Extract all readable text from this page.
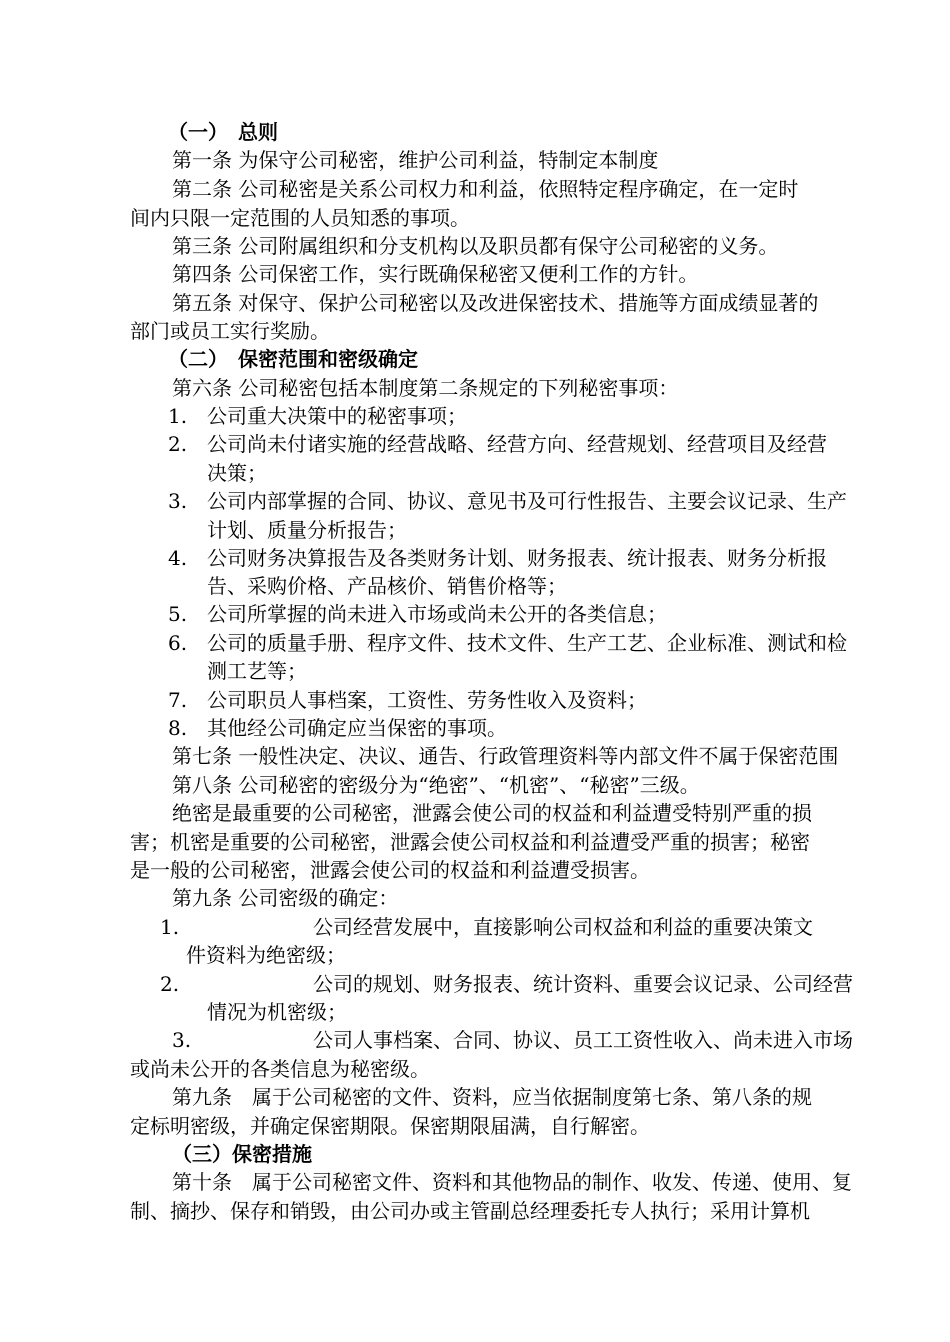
（一）　总则
第一条 为保守公司秘密，维护公司利益，特制定本制度
第二条 公司秘密是关系公司权力和利益，依照特定程序确定，在一定时
间内只限一定范围的人员知悉的事项。
第三条 公司附属组织和分支机构以及职员都有保守公司秘密的义务。
第四条 公司保密工作，实行既确保秘密又便利工作的方针。
第五条 对保守、保护公司秘密以及改进保密技术、措施等方面成绩显著的
部门或员工实行奖励。
（二）　保密范围和密级确定
第六条 公司秘密包括本制度第二条规定的下列秘密事项：
1. 公司重大决策中的秘密事项；
2. 公司尚未付诸实施的经营战略、经营方向、经营规划、经营项目及经营
决策；
3. 公司内部掌握的合同、协议、意见书及可行性报告、主要会议记录、生产
计划、质量分析报告；
4. 公司财务决算报告及各类财务计划、财务报表、统计报表、财务分析报
告、采购价格、产品核价、销售价格等；
5. 公司所掌握的尚未进入市场或尚未公开的各类信息；
6. 公司的质量手册、程序文件、技术文件、生产工艺、企业标准、测试和检
测工艺等；
7. 公司职员人事档案，工资性、劳务性收入及资料；
8. 其他经公司确定应当保密的事项。
第七条 一般性决定、决议、通告、行政管理资料等内部文件不属于保密范围
第八条 公司秘密的密级分为“绝密”、“机密”、“秘密”三级。
绝密是最重要的公司秘密，泄露会使公司的权益和利益遭受特别严重的损
害；机密是重要的公司秘密，泄露会使公司权益和利益遭受严重的损害；秘密
是一般的公司秘密，泄露会使公司的权益和利益遭受损害。
第九条 公司密级的确定：
1.	公司经营发展中，直接影响公司权益和利益的重要决策文
件资料为绝密级；
2.	公司的规划、财务报表、统计资料、重要会议记录、公司经营
情况为机密级；
3.	公司人事档案、合同、协议、员工工资性收入、尚未进入市场
或尚未公开的各类信息为秘密级。
第九条　属于公司秘密的文件、资料，应当依据制度第七条、第八条的规
定标明密级，并确定保密期限。保密期限届满，自行解密。
（三）保密措施
第十条　属于公司秘密文件、资料和其他物品的制作、收发、传递、使用、复
制、摘抄、保存和销毁，由公司办或主管副总经理委托专人执行；采用计算机
